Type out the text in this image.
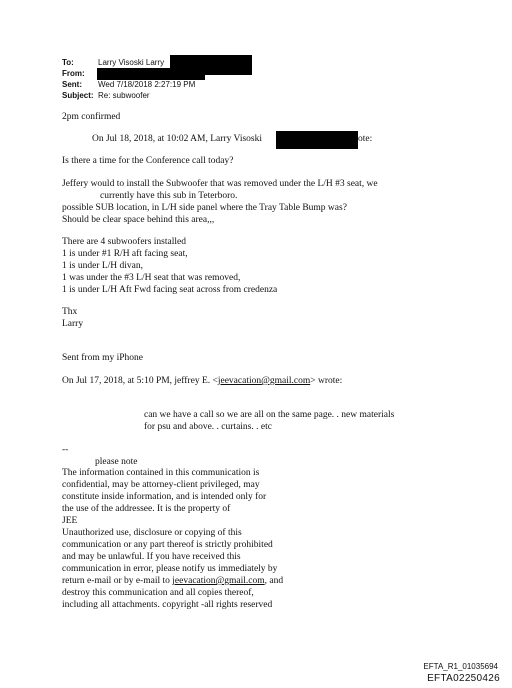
To:	Larry Visoski Larry
From:
Sent: Wed 7/18/2018 2:27:19 PM
Subject: Re: subwoofer
2pm confirmed
On Jul 18, 2018, at 10:02 AM, Larry Visoski	ote:
Is there a time for the Conference call today?
Jeffery would to install the Subwoofer that was removed under the L/H #3 seat, we
currently have this sub in Teterboro.
possible SUB location, in L/H side panel where the Tray Table Bump was?
Should be clear space behind this area,,,
There are 4 subwoofers installed
1 is under #1 R/H aft facing seat,
1 is under L/H divan,
1 was under the #3 L/H seat that was removed,
1 is under L/H Aft Fwd facing seat across from credenza
Thx
Larry
Sent from my iPhone
On Jul 17, 2018, at 5:10 PM, jeffrey E. <jeevacation@gmail.com> wrote:
can we have a call so we are all on the same page. . new materials
for psu and above. . curtains. . etc
--
please note
The information contained in this communication is
confidential, may be attorney-client privileged, may
constitute inside information, and is intended only for
the use of the addressee. It is the property of
JEE
Unauthorized use, disclosure or copying of this
communication or any part thereof is strictly prohibited
and may be unlawful. If you have received this
communication in error, please notify us immediately by
return e-mail or by e-mail to jeevacation@gmail.com, and
destroy this communication and all copies thereof,
including all attachments. copyright -all rights reserved
EFTA_R1_01035694
EFTA02250426
